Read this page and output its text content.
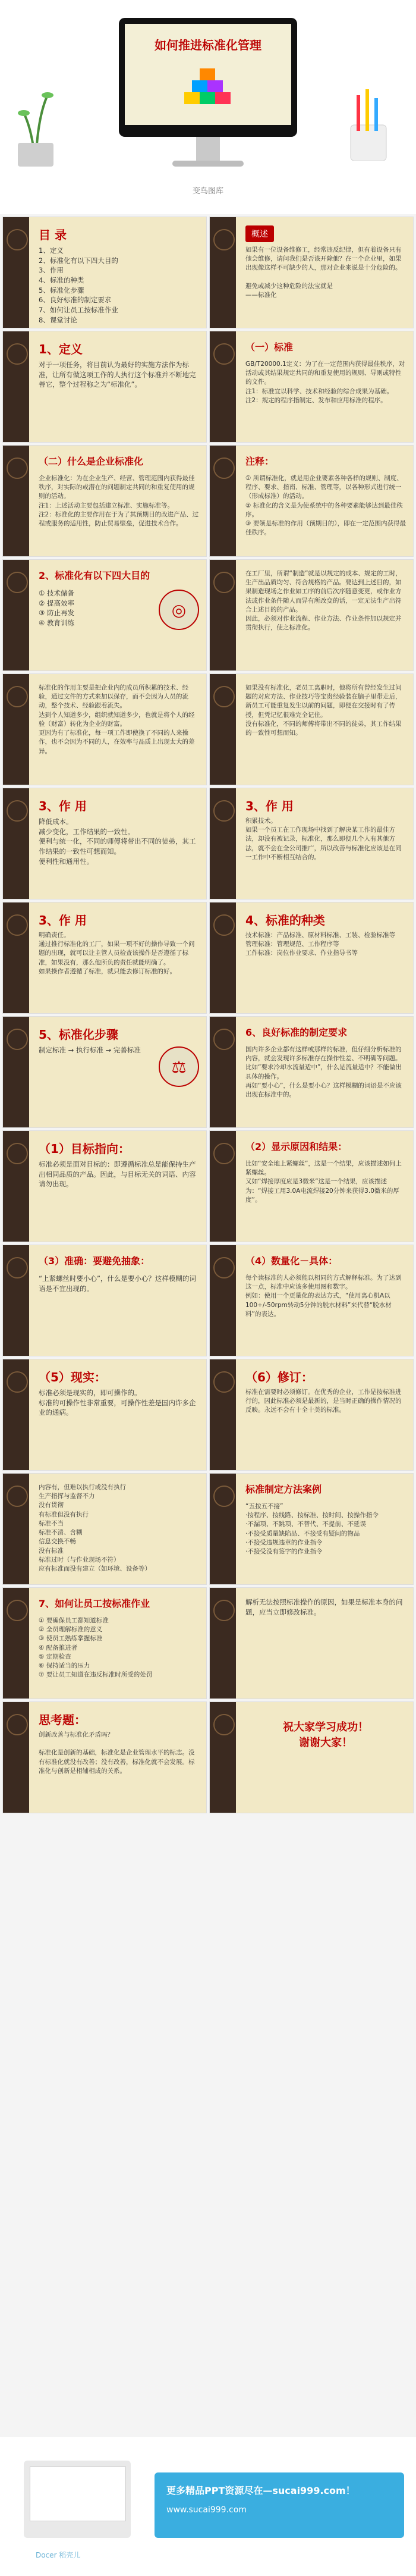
如何推进标准化管理
变鸟图库
目 录
1、定义
2、标准化有以下四大目的
3、作用
4、标准的种类
5、标准化步骤
6、良好标准的制定要求
7、如何让员工按标准作业
8、课堂讨论
概述
如果有一位设备维修工，经常违反纪律，但有着设备只有他会维修，请问我们是否该开除他？在一个企业里，如果出现像这样不可缺少的人，那对企业来说是十分危险的。

避免或减少这种危险的法宝就是
——标准化
1、定义
对于一项任务，将目前认为最好的实施方法作为标准，让所有做这项工作的人执行这个标准并不断地完善它，整个过程称之为“标准化”。
（一）标准
GB/T20000.1定义：为了在一定范围内获得最佳秩序，对活动或其结果规定共同的和重复使用的规则、导则或特性的文件。
注1：标准宜以科学、技术和经验的综合成果为基础。
注2：规定的程序指制定、发布和应用标准的程序。
（二）什么是企业标准化
企业标准化：为在企业生产、经营、管理范围内获得最佳秩序，对实际的或潜在的问题制定共同的和重复使用的规则的活动。
注1：上述活动主要包括建立标准、实施标准等。
注2：标准化的主要作用在于为了其预期目的改进产品、过程或服务的适用性，防止贸易壁垒，促进技术合作。
注释：
① 所谓标准化，就是用企业要素各种各样的规则、制度、程序、要求、指南、标准、管理等，以各种形式进行统一（形成标准）的活动。
② 标准化的含义是为使系统中的各种要素能够达到最佳秩序。
③ 要领是标准的作用（预期目的），即在一定范围内获得最佳秩序。
2、标准化有以下四大目的
① 技术储备
② 提高效率
③ 防止再发
④ 教育训练
◎
在工厂里，所谓“制造”就是以规定的成本、规定的工时，生产出品质均匀、符合规格的产品。要达到上述目的，如果制造现场之作业如工序的前后次序随意变更，或作业方法或作业条件随人而异有所改变的话，一定无法生产出符合上述目的的产品。
因此，必须对作业流程、作业方法、作业条件加以规定并贯彻执行，使之标准化。
标准化的作用主要是把企业内的成员所积累的技术、经验，通过文件的方式来加以保存，而不会因为人员的流动，整个技术、经验跟着流失。
达到个人知道多少，组织就知道多少，也就是将个人的经验（财富）转化为企业的财富。
更因为有了标准化，每一项工作即使换了不同的人来操作，也不会因为不同的人，在效率与品质上出现太大的差异。
如果没有标准化，老员工离职时，他将所有曾经发生过问题的对应方法、作业技巧等宝贵经验装在脑子里带走后，新员工可能重复发生以前的问题，即便在交接时有了传授，但凭记忆很难完全记住。
没有标准化，不同的师傅将带出不同的徒弟，其工作结果的一致性可想而知。
3、作 用
降低成本。
减少变化，工作结果的一致性。
便利与统一化，不同的师傅将带出不同的徒弟，其工作结果的一致性可想而知。
便利性和通用性。
3、作 用
积累技术。
如果一个员工在工作现场中找到了解决某工作的最佳方法，却没有被记录，标准化，那么即便几个人有其他方法，就不会在全公司推广，所以改善与标准化应该是在同一工作中不断相互结合的。
3、作 用
明确责任。
通过推行标准化的工厂，如果一项不好的操作导致一个问题的出现，就可以让主管人员检查该操作是否遵循了标准，如果没有，那么他所负的责任就能明确了。
如果操作者遵循了标准，就只能去修订标准的好。
4、标准的种类
技术标准：产品标准、原材料标准、工装、检验标准等
管理标准：管理规范、工作程序等
工作标准：岗位作业要求、作业指导书等
5、标准化步骤
制定标准 → 执行标准 → 完善标准
⚖
6、良好标准的制定要求
国内许多企业都有这样或那样的标准，但仔细分析标准的内容，就会发现许多标准存在操作性差、不明确等问题。
比如“要求冷却水流量适中”，什么是流量适中？不能做出具体的操作。
再如“要小心”，什么是要小心？这样模糊的词语是不应该出现在标准中的。
（1）目标指向：
标准必须是面对目标的：即遵循标准总是能保持生产出相同品质的产品。因此，与目标无关的词语、内容请勿出现。
（2）显示原因和结果：
比如“安全地上紧螺丝”，这是一个结果，应该描述如何上紧螺丝。
又如“焊接厚度应是3微米”这是一个结果，应该描述为：“焊接工用3.0A电流焊接20分钟来获得3.0微米的厚度”。
（3）准确：要避免抽象：
“上紧螺丝时要小心”，什么是要小心？这样模糊的词语是不宜出现的。
（4）数量化－具体：
每个读标准的人必须能以相同的方式解释标准。为了达到这一点，标准中应该多使用图和数字。
例如：使用一个更量化的表达方式，“使用离心机A以100+/-50rpm转动5分钟的脱水材料”来代替“脱水材料”的表达。
（5）现实：
标准必须是现实的，即可操作的。
标准的可操作性非常重要，可操作性差是国内许多企业的通病。
（6）修订：
标准在需要时必须修订。在优秀的企业，工作是按标准进行的，因此标准必须是最新的，是当时正确的操作情况的反映。永远不会有十全十美的标准。
内容有，但难以执行或没有执行
生产指挥与监督不力
没有贯彻
有标准但没有执行
标准不当
标准不清、含糊
信息交换不畅
没有标准
标准过时（与作业现场不符）
应有标准而没有建立（如环境、设备等）
标准制定方法案例
“五按五不接”
·按程序、按线路、按标准、按时间、按操作指令
·不漏项、不跳项、不替代、不提前、不延误
·不接受质量缺陷品、不接受有疑问的物品
·不接受违规违章的作业指令
·不接受没有签字的作业指令
7、如何让员工按标准作业
① 要确保员工都知道标准
② 全员理解标准的意义
③ 使员工熟练掌握标准
④ 配备推进者
⑤ 定期检查
⑥ 保持适当的压力
⑦ 要让员工知道在违反标准时所受的处罚
解析无法按照标准操作的原因，如果是标准本身的问题，应当立即修改标准。
思考题：
创新改善与标准化矛盾吗？

标准化是创新的基础，标准化是企业管理水平的标志。没有标准化就没有改善；没有改善，标准化就不会发展。标准化与创新是相辅相成的关系。
祝大家学习成功！
谢谢大家！
更多精品PPT资源尽在—sucai999.com！
www.sucai999.com
Docer 稻壳儿
